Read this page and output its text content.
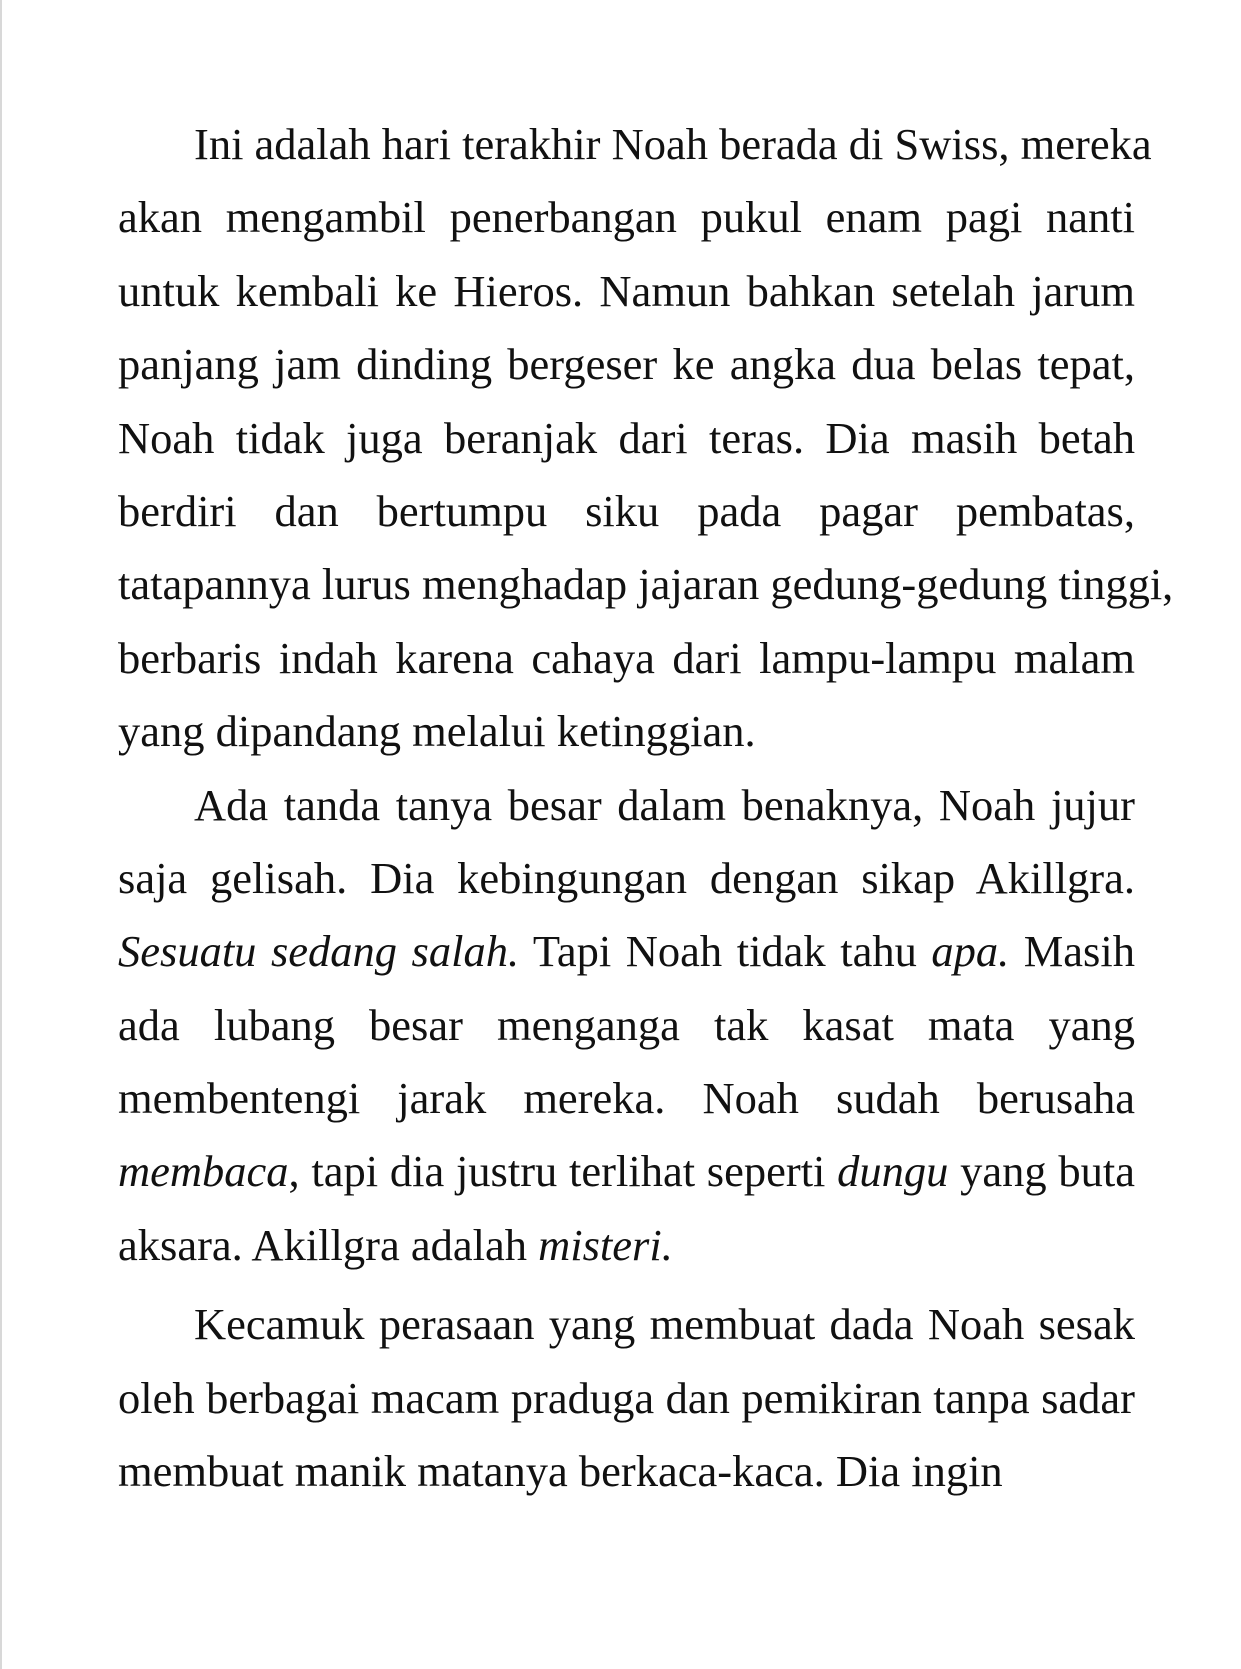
Ini adalah hari terakhir Noah berada di Swiss, mereka
akan mengambil penerbangan pukul enam pagi nanti
untuk kembali ke Hieros. Namun bahkan setelah jarum
panjang jam dinding bergeser ke angka dua belas tepat,
Noah tidak juga beranjak dari teras. Dia masih betah
berdiri dan bertumpu siku pada pagar pembatas,
tatapannya lurus menghadap jajaran gedung-gedung tinggi,
berbaris indah karena cahaya dari lampu-lampu malam
yang dipandang melalui ketinggian.
Ada tanda tanya besar dalam benaknya, Noah jujur
saja gelisah. Dia kebingungan dengan sikap Akillgra.
Sesuatu sedang salah. Tapi Noah tidak tahu apa. Masih
ada lubang besar menganga tak kasat mata yang
membentengi jarak mereka. Noah sudah berusaha
membaca, tapi dia justru terlihat seperti dungu yang buta
aksara. Akillgra adalah misteri.
Kecamuk perasaan yang membuat dada Noah sesak
oleh berbagai macam praduga dan pemikiran tanpa sadar
membuat manik matanya berkaca-kaca. Dia ingin
